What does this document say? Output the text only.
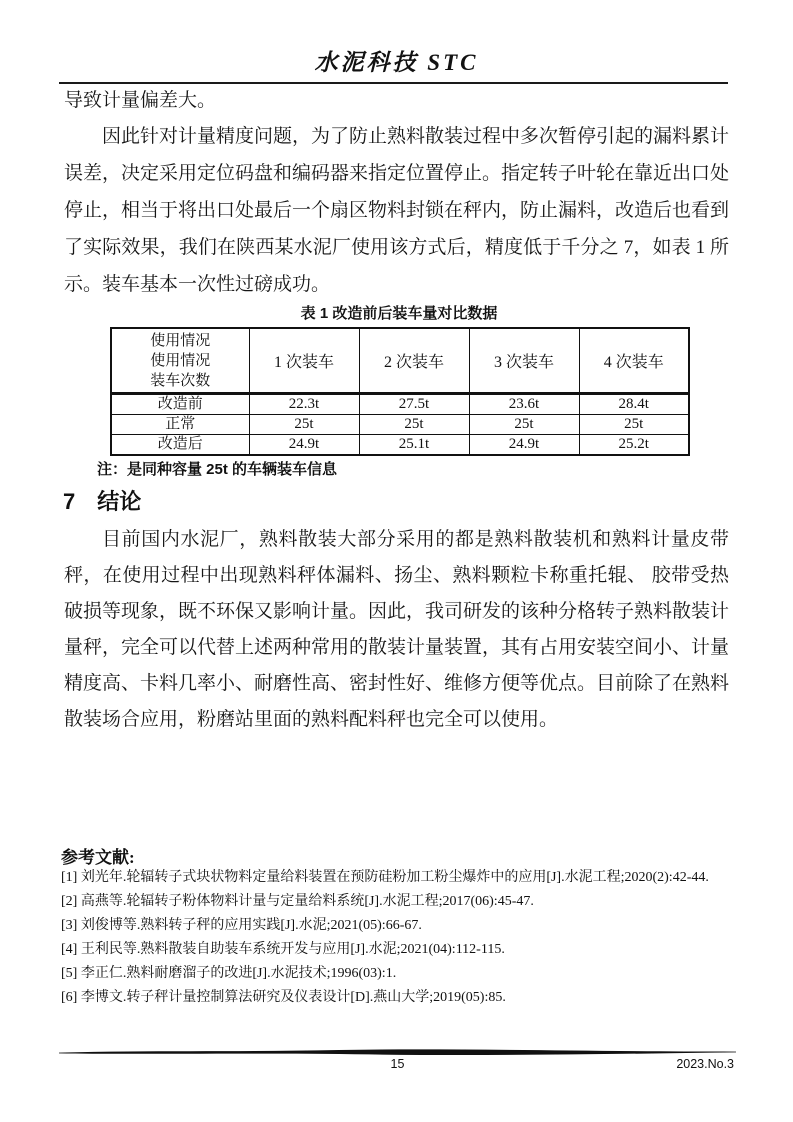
水泥科技 STC
导致计量偏差大。
因此针对计量精度问题，为了防止熟料散装过程中多次暂停引起的漏料累计误差，决定采用定位码盘和编码器来指定位置停止。指定转子叶轮在靠近出口处停止，相当于将出口处最后一个扇区物料封锁在秤内，防止漏料，改造后也看到了实际效果，我们在陕西某水泥厂使用该方式后，精度低于千分之 7，如表 1 所示。装车基本一次性过磅成功。
表 1 改造前后装车量对比数据
使用情况
使用情况
装车次数	1 次装车	2 次装车	3 次装车	4 次装车
改造前	22.3t	27.5t	23.6t	28.4t
正常	25t	25t	25t	25t
改造后	24.9t	25.1t	24.9t	25.2t
注：是同种容量 25t 的车辆装车信息
7 结论
目前国内水泥厂，熟料散装大部分采用的都是熟料散装机和熟料计量皮带秤，在使用过程中出现熟料秤体漏料、扬尘、熟料颗粒卡称重托辊、 胶带受热破损等现象，既不环保又影响计量。因此，我司研发的该种分格转子熟料散装计量秤，完全可以代替上述两种常用的散装计量装置，其有占用安装空间小、计量精度高、卡料几率小、耐磨性高、密封性好、维修方便等优点。目前除了在熟料散装场合应用，粉磨站里面的熟料配料秤也完全可以使用。
参考文献:

[1] 刘光年.轮辐转子式块状物料定量给料装置在预防硅粉加工粉尘爆炸中的应用[J].水泥工程;2020(2):42-44.

[2] 高燕等.轮辐转子粉体物料计量与定量给料系统[J].水泥工程;2017(06):45-47.

[3] 刘俊博等.熟料转子秤的应用实践[J].水泥;2021(05):66-67.

[4] 王利民等.熟料散装自助装车系统开发与应用[J].水泥;2021(04):112-115.

[5] 李正仁.熟料耐磨溜子的改进[J].水泥技术;1996(03):1.

[6] 李博文.转子秤计量控制算法研究及仪表设计[D].燕山大学;2019(05):85.

15	2023.No.3
